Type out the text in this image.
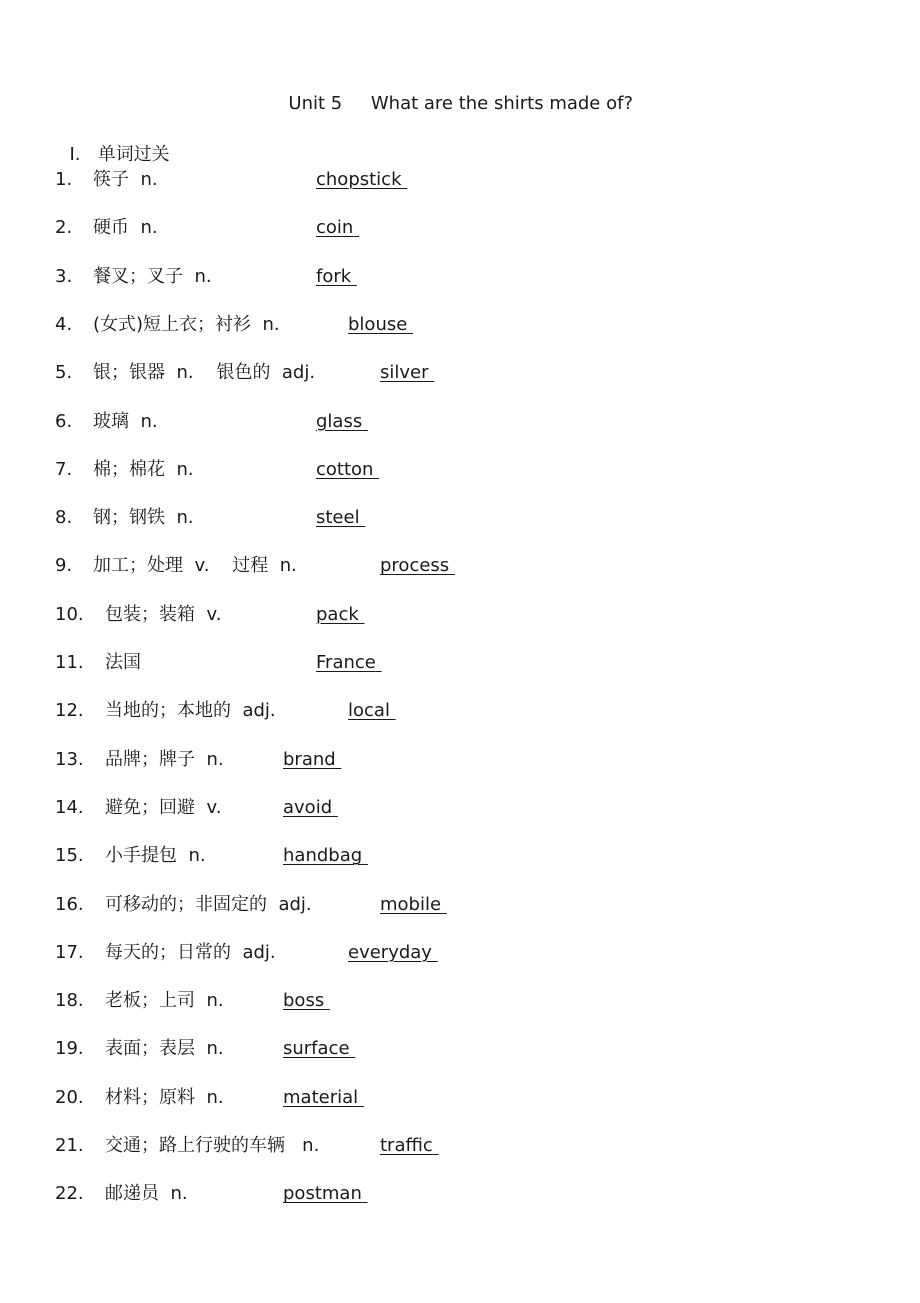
Unit 5 What are the shirts made of?

Ⅰ. 单词过关

1. 筷子  n.	chopstick
2. 硬币  n.	coin
3. 餐叉；叉子  n.	fork
4. (女式)短上衣；衬衫  n.	blouse
5. 银；银器  n.    银色的  adj.	silver
6. 玻璃  n.	glass
7. 棉；棉花  n.	cotton
8. 钢；钢铁  n.	steel
9. 加工；处理  v.    过程  n.	process
10. 包装；装箱  v.	pack
11. 法国	France
12. 当地的；本地的  adj.	local
13. 品牌；牌子  n.	brand
14. 避免；回避  v.	avoid
15. 小手提包  n.	handbag
16. 可移动的；非固定的  adj.	mobile
17. 每天的；日常的  adj.	everyday
18. 老板；上司  n.	boss
19. 表面；表层  n.	surface
20. 材料；原料  n.	material
21. 交通；路上行驶的车辆   n.	traffic
22. 邮递员  n.	postman
